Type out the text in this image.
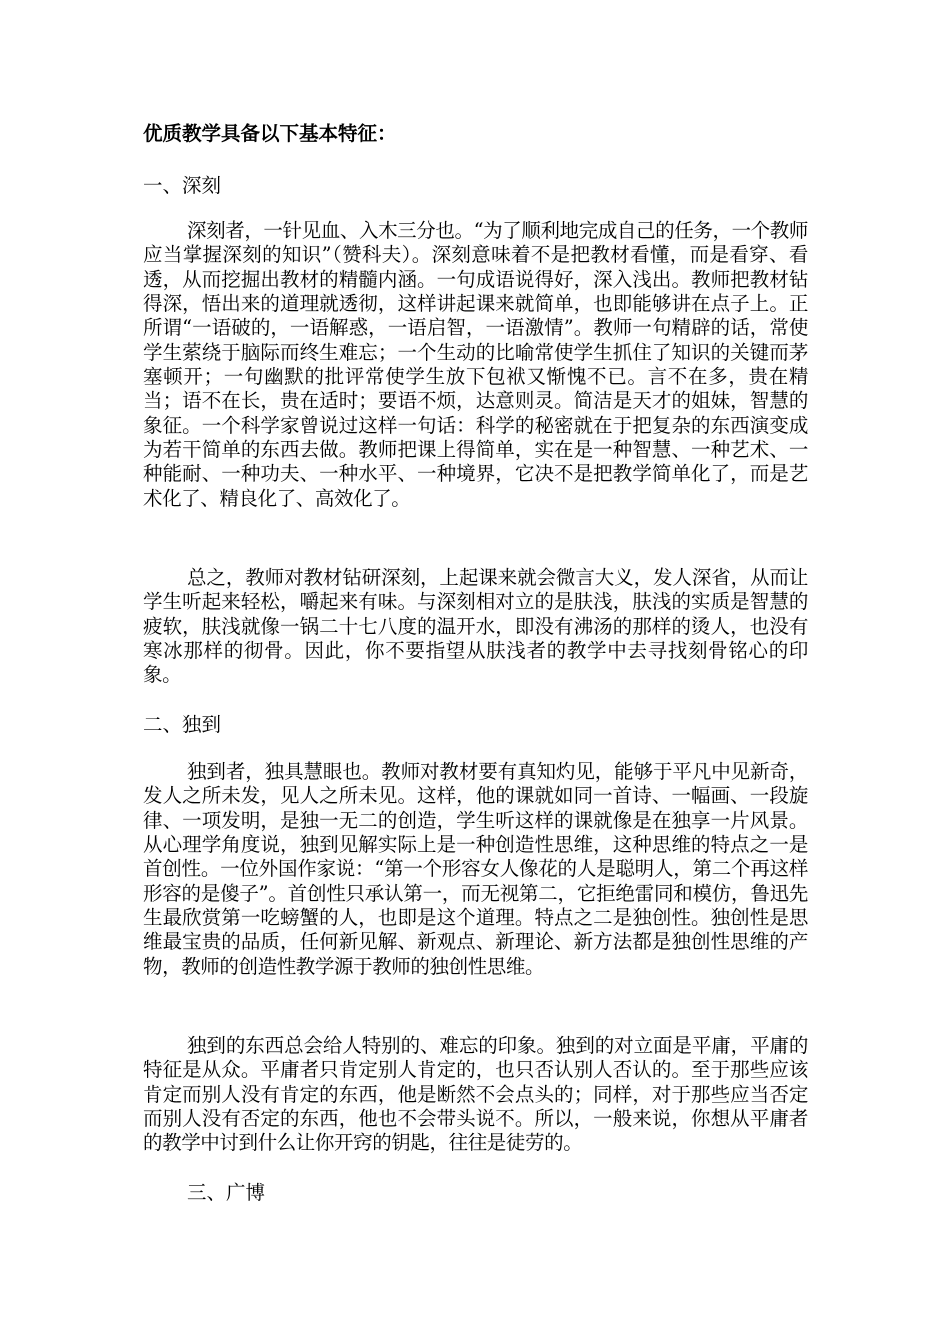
优质教学具备以下基本特征：
一、深刻

深刻者，一针见血、入木三分也。“为了顺利地完成自己的任务，一个教师应当掌握深刻的知识”（赞科夫）。深刻意味着不是把教材看懂，而是看穿、看透，从而挖掘出教材的精髓内涵。一句成语说得好，深入浅出。教师把教材钻得深，悟出来的道理就透彻，这样讲起课来就简单，也即能够讲在点子上。正所谓“一语破的，一语解惑，一语启智，一语激情”。教师一句精辟的话，常使学生萦绕于脑际而终生难忘；一个生动的比喻常使学生抓住了知识的关键而茅塞顿开；一句幽默的批评常使学生放下包袱又惭愧不已。言不在多，贵在精当；语不在长，贵在适时；要语不烦，达意则灵。简洁是天才的姐妹，智慧的象征。一个科学家曾说过这样一句话：科学的秘密就在于把复杂的东西演变成为若干简单的东西去做。教师把课上得简单，实在是一种智慧、一种艺术、一种能耐、一种功夫、一种水平、一种境界，它决不是把教学简单化了，而是艺术化了、精良化了、高效化了。

总之，教师对教材钻研深刻，上起课来就会微言大义，发人深省，从而让学生听起来轻松，嚼起来有味。与深刻相对立的是肤浅，肤浅的实质是智慧的疲软，肤浅就像一锅二十七八度的温开水，即没有沸汤的那样的烫人，也没有寒冰那样的彻骨。因此，你不要指望从肤浅者的教学中去寻找刻骨铭心的印象。

二、独到

独到者，独具慧眼也。教师对教材要有真知灼见，能够于平凡中见新奇，发人之所未发，见人之所未见。这样，他的课就如同一首诗、一幅画、一段旋律、一项发明，是独一无二的创造，学生听这样的课就像是在独享一片风景。从心理学角度说，独到见解实际上是一种创造性思维，这种思维的特点之一是首创性。一位外国作家说：“第一个形容女人像花的人是聪明人，第二个再这样形容的是傻子”。首创性只承认第一，而无视第二，它拒绝雷同和模仿，鲁迅先生最欣赏第一吃螃蟹的人，也即是这个道理。特点之二是独创性。独创性是思维最宝贵的品质，任何新见解、新观点、新理论、新方法都是独创性思维的产物，教师的创造性教学源于教师的独创性思维。

独到的东西总会给人特别的、难忘的印象。独到的对立面是平庸，平庸的特征是从众。平庸者只肯定别人肯定的，也只否认别人否认的。至于那些应该肯定而别人没有肯定的东西，他是断然不会点头的；同样，对于那些应当否定而别人没有否定的东西，他也不会带头说不。所以，一般来说，你想从平庸者的教学中讨到什么让你开窍的钥匙，往往是徒劳的。

三、广博
